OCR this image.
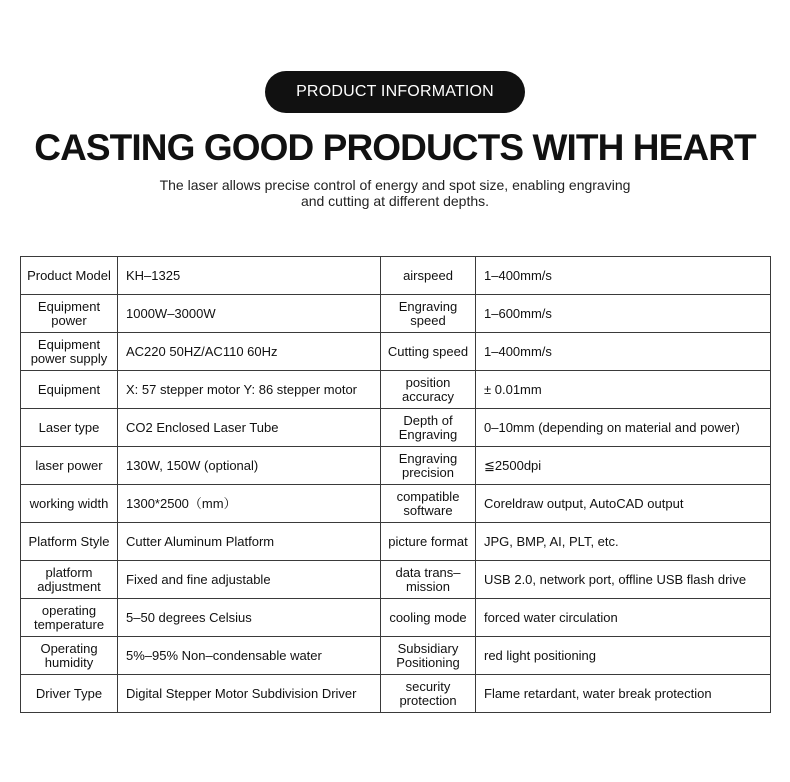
PRODUCT INFORMATION
CASTING GOOD PRODUCTS WITH HEART
The laser allows precise control of energy and spot size, enabling engraving
and cutting at different depths.
Product Model	KH–1325	airspeed	1–400mm/s
Equipment power	1000W–3000W	Engraving speed	1–600mm/s
Equipment power supply	AC220 50HZ/AC110 60Hz	Cutting speed	1–400mm/s
Equipment	X: 57 stepper motor Y: 86 stepper motor	position accuracy	± 0.01mm
Laser type	CO2 Enclosed Laser Tube	Depth of Engraving	0–10mm (depending on material and power)
laser power	130W, 150W (optional)	Engraving precision	≦2500dpi
working width	1300*2500（mm）	compatible software	Coreldraw output, AutoCAD output
Platform Style	Cutter Aluminum Platform	picture format	JPG, BMP, AI, PLT, etc.
platform adjustment	Fixed and fine adjustable	data trans– mission	USB 2.0, network port, offline USB flash drive
operating temperature	5–50 degrees Celsius	cooling mode	forced water circulation
Operating humidity	5%–95% Non–condensable water	Subsidiary Positioning	red light positioning
Driver Type	Digital Stepper Motor Subdivision Driver	security protection	Flame retardant, water break protection
